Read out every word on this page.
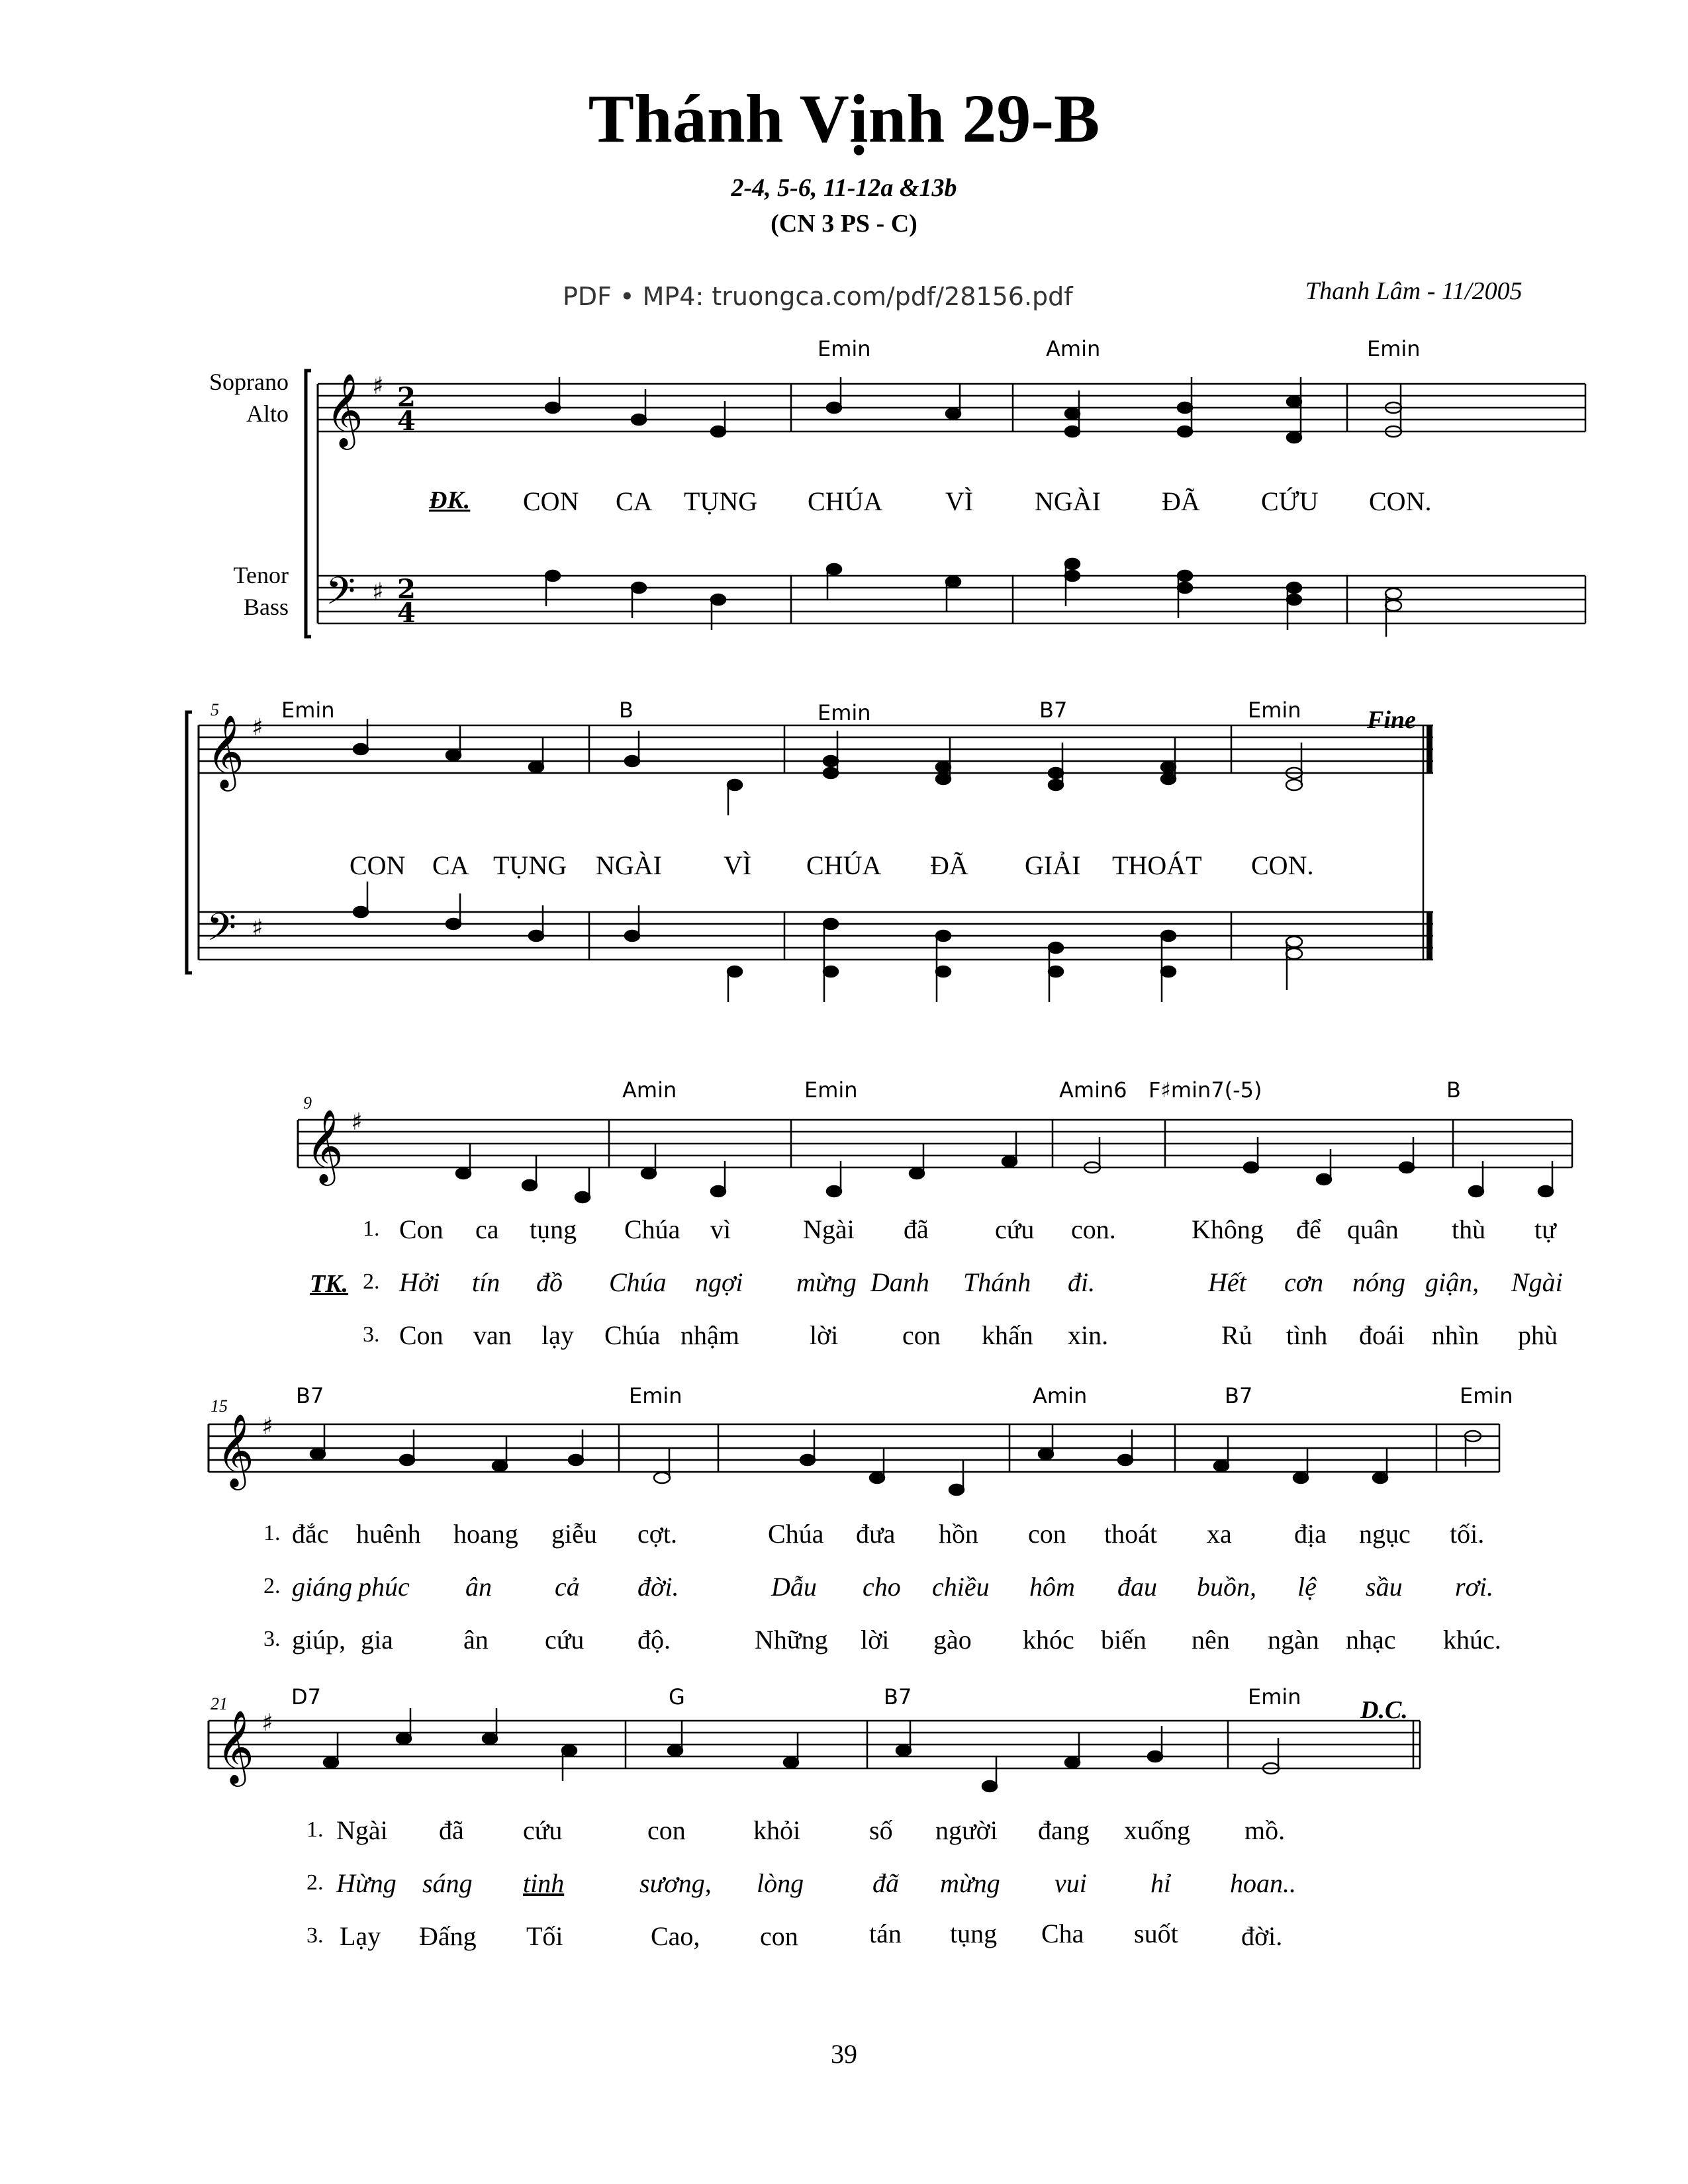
Thánh Vịnh 29-B
2-4, 5-6, 11-12a &13b
(CN 3 PS - C)
PDF • MP4: truongca.com/pdf/28156.pdf	Thanh Lâm - 11/2005
Soprano
Alto
Tenor
Bass
𝄞
𝄢
𝄞
𝄢
𝄞
𝄞
𝄞
♯
♯
♯
♯
♯
♯
♯
2
4
2
4
Emin	Amin	Emin
Emin	B	Emin	B7	Emin
Amin	Emin	Amin6 F♯min7(-5)	B
B7	Emin	Amin	B7	Emin
D7	G	B7	Emin
5
9
15
21
Fine
D.C.
ĐK. CON CA TỤNG CHÚA VÌ NGÀI ĐÃ CỨU CON.
CON CA TỤNG NGÀI VÌ CHÚA ĐÃ GIẢI THOÁT CON.
TK.
1. Con ca tụng Chúa vì	Ngài đã	cứu con.	Không để quân thù tự
2. Hởi tín đồ Chúa ngợi mừng Danh Thánh đi.	Hết cơn nóng giận, Ngài
3. Con van lạy Chúa nhậm	lời con khấn xin.	Rủ tình đoái nhìn phù
1. đắc huênh hoang giễu cợt.	Chúa đưa hồn con thoát xa địa ngục tối.
2. giáng phúc ân cả đời.	Dẫu cho chiều hôm đau buồn, lệ sầu rơi.
3. giúp, gia	ân cứu độ.	Những lời gào khóc biến nên ngàn nhạc khúc.
1. Ngài đã cứu	con	khỏi	số người đang xuống mồ.
2. Hừng sáng tinh	sương, lòng	đã mừng vui hỉ hoan..
3. Lạy Đấng Tối	Cao, con	tán tụng Cha suốt đời.
39
